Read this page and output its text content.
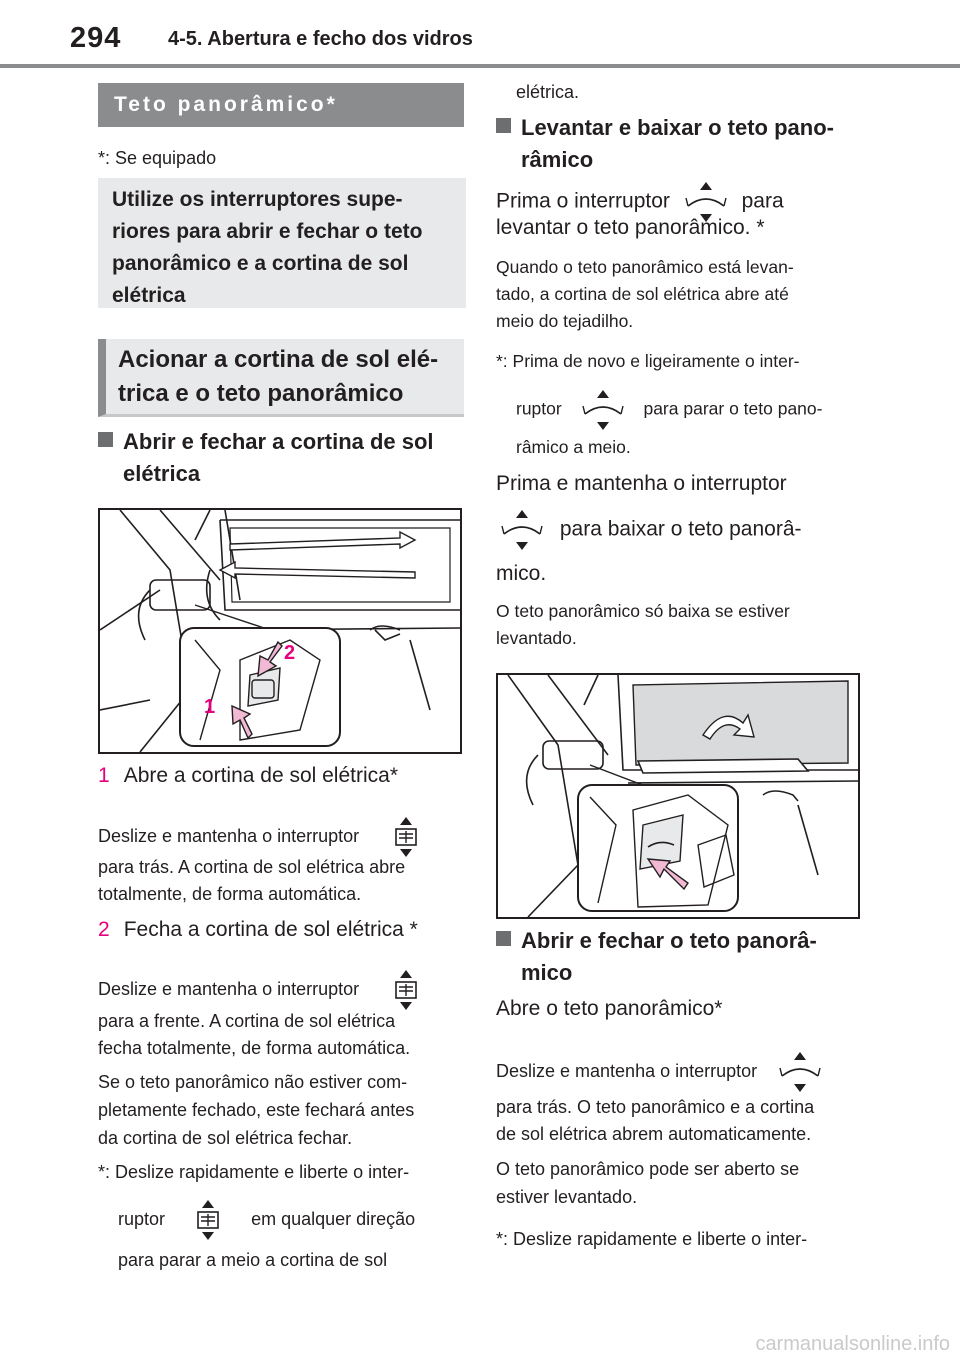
294 4-5. Abertura e fecho dos vidros
Teto panorâmico*
*: Se equipado
Utilize os interruptores supe-
riores para abrir e fechar o teto
panorâmico e a cortina de sol
elétrica
Acionar a cortina de sol elé-
trica e o teto panorâmico
Abrir e fechar a cortina de sol
elétrica
2
1
1 Abre a cortina de sol elétrica*
Deslize e mantenha o interruptor
para trás. A cortina de sol elétrica abre
totalmente, de forma automática.
2 Fecha a cortina de sol elétrica *
Deslize e mantenha o interruptor
para a frente. A cortina de sol elétrica
fecha totalmente, de forma automática.
Se o teto panorâmico não estiver com-
pletamente fechado, este fechará antes
da cortina de sol elétrica fechar.
*: Deslize rapidamente e liberte o inter-
ruptor	em qualquer direção
para parar a meio a cortina de sol
elétrica.
Levantar e baixar o teto pano-
râmico
Prima o interruptor	para
levantar o teto panorâmico. *
Quando o teto panorâmico está levan-
tado, a cortina de sol elétrica abre até
meio do tejadilho.
*: Prima de novo e ligeiramente o inter-
ruptor	para parar o teto pano-
râmico a meio.
Prima e mantenha o interruptor
para baixar o teto panorâ-
mico.
O teto panorâmico só baixa se estiver
levantado.
Abrir e fechar o teto panorâ-
mico
Abre o teto panorâmico*
Deslize e mantenha o interruptor
para trás. O teto panorâmico e a cortina
de sol elétrica abrem automaticamente.
O teto panorâmico pode ser aberto se
estiver levantado.
*: Deslize rapidamente e liberte o inter-
carmanualsonline.info
